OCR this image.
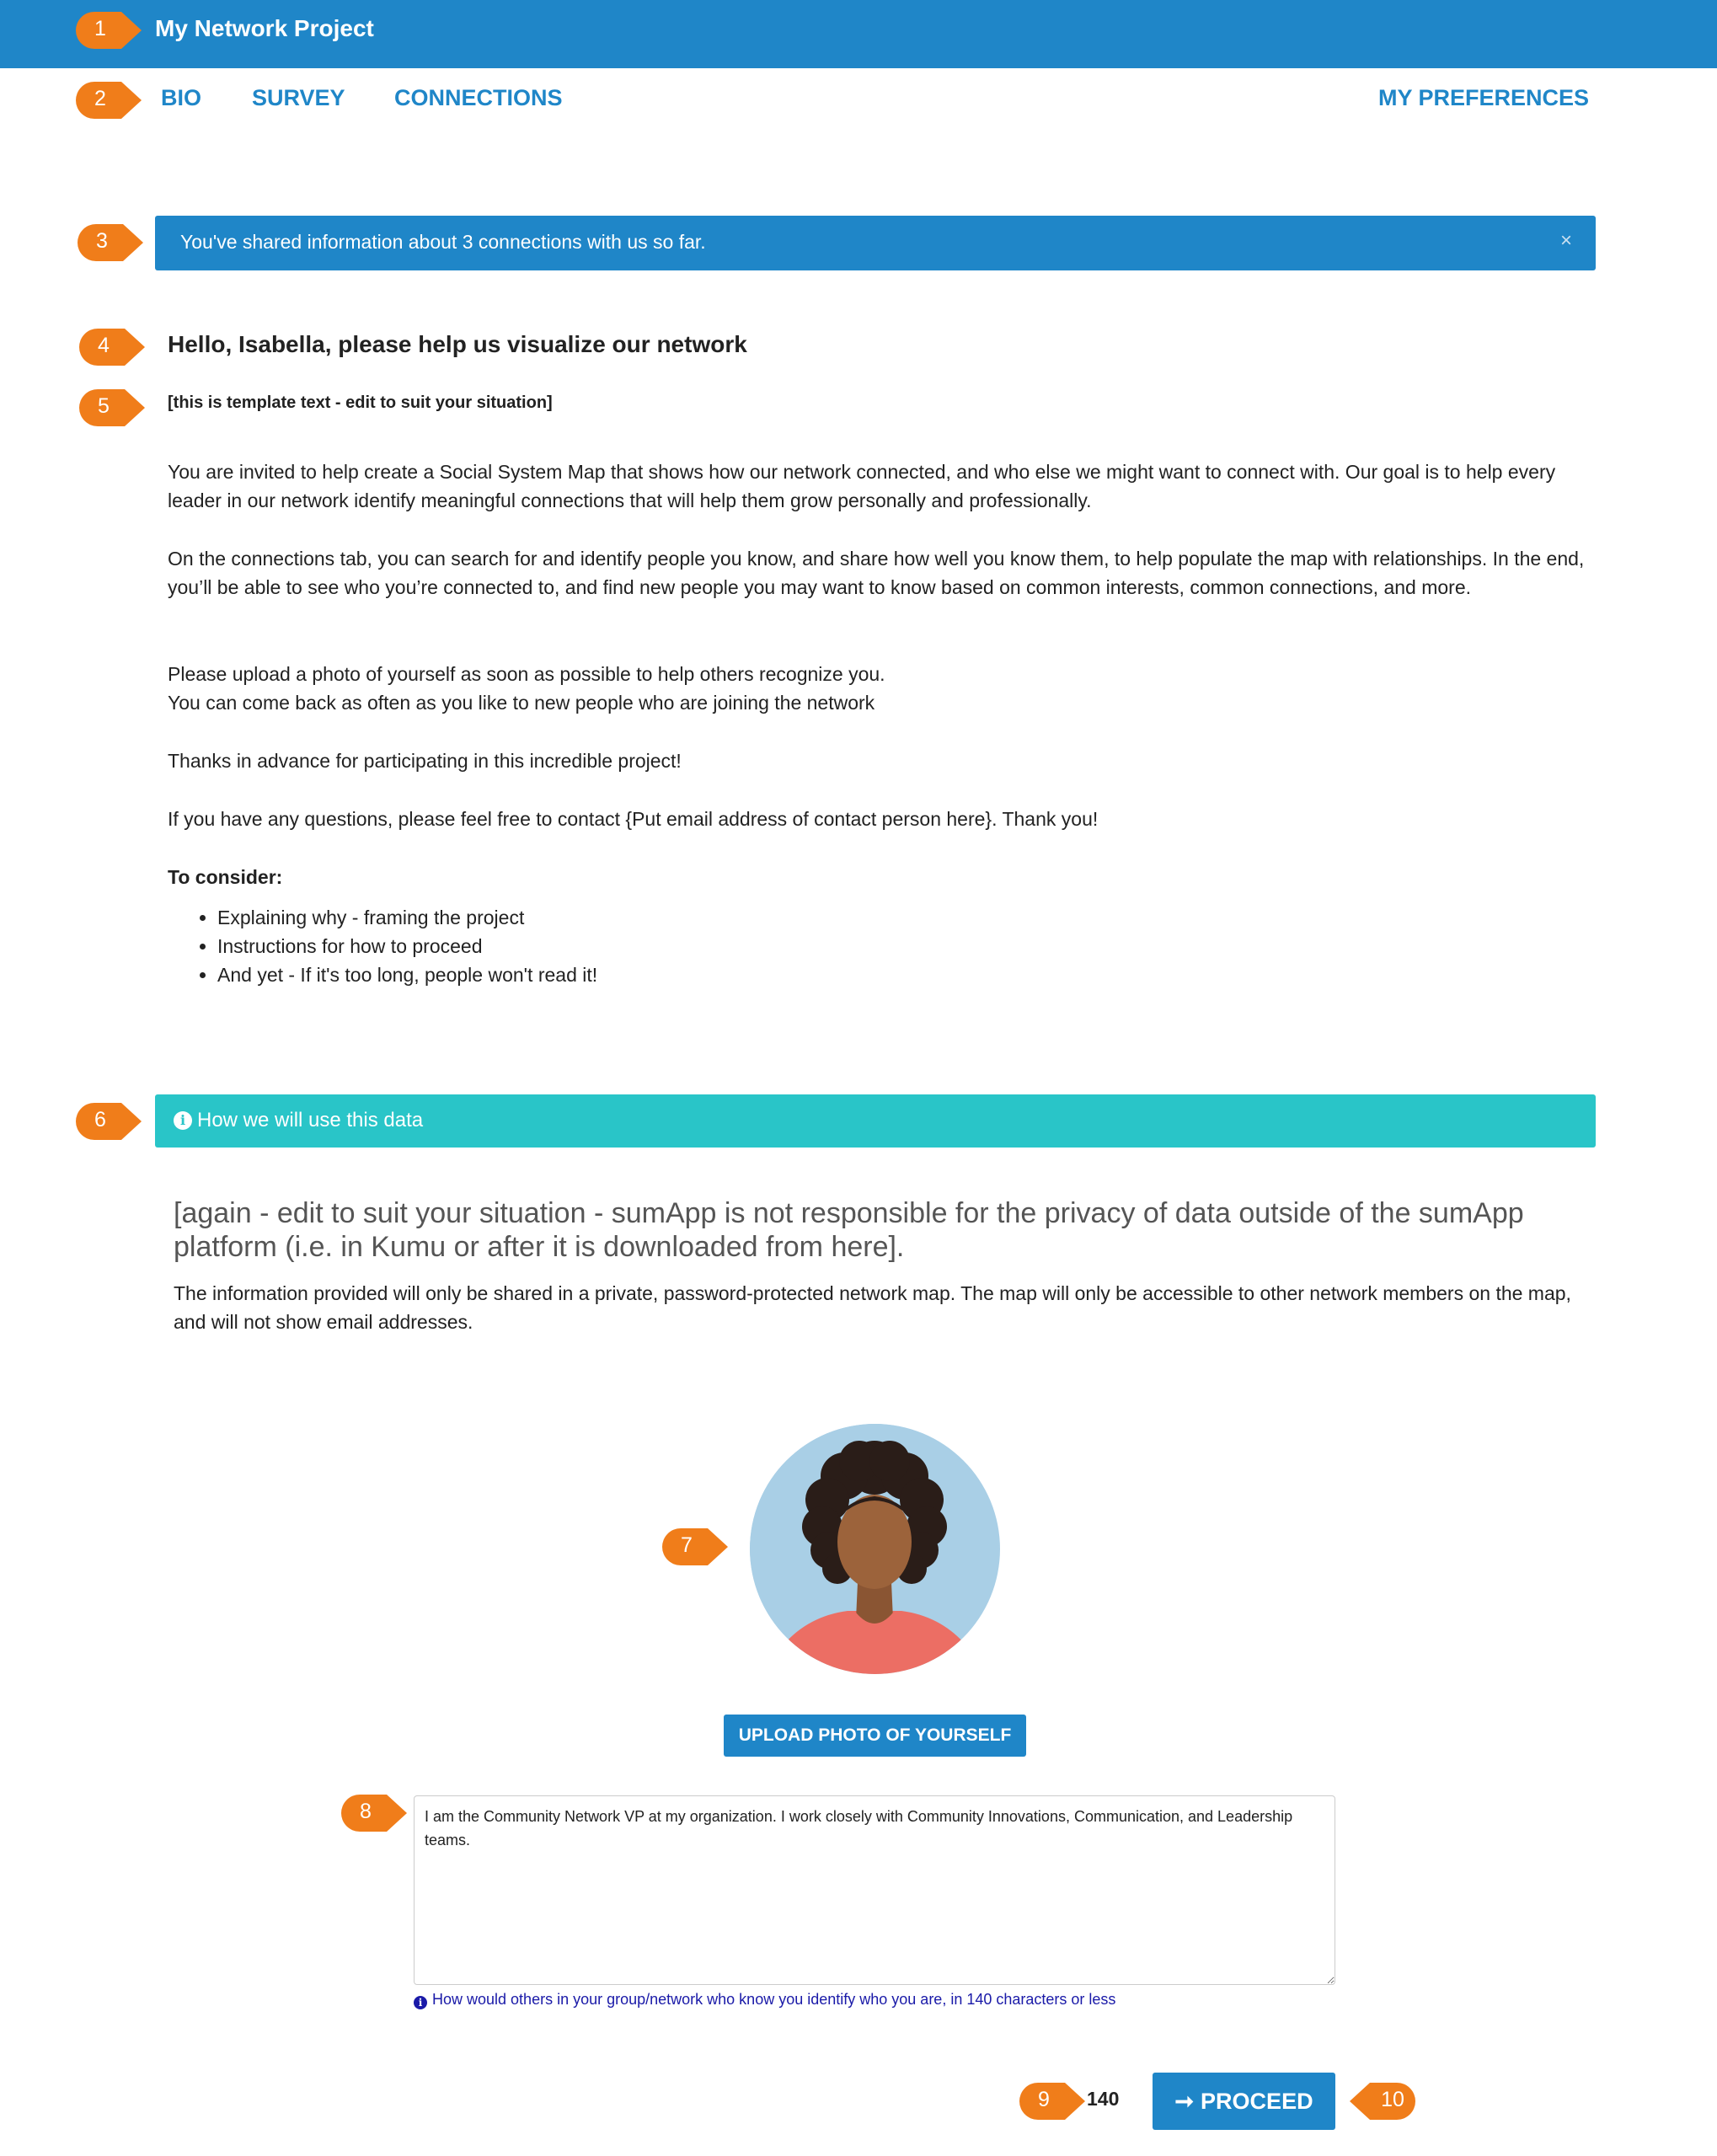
My Network Project
BIO SURVEY CONNECTIONS	MY PREFERENCES
You've shared information about 3 connections with us so far.	×
Hello, Isabella, please help us visualize our network
[this is template text - edit to suit your situation]

You are invited to help create a Social System Map that shows how our network connected, and who else we might want to connect with. Our goal is to help every leader in our network identify meaningful connections that will help them grow personally and professionally.

On the connections tab, you can search for and identify people you know, and share how well you know them, to help populate the map with relationships. In the end, you’ll be able to see who you’re connected to, and find new people you may want to know based on common interests, common connections, and more.

Please upload a photo of yourself as soon as possible to help others recognize you.

You can come back as often as you like to new people who are joining the network

Thanks in advance for participating in this incredible project!

If you have any questions, please feel free to contact {Put email address of contact person here}. Thank you!

To consider:
• Explaining why - framing the project
• Instructions for how to proceed
• And yet - If it's too long, people won't read it!
i How we will use this data

[again - edit to suit your situation - sumApp is not responsible for the privacy of data outside of the sumApp platform (i.e. in Kumu or after it is downloaded from here].

The information provided will only be shared in a private, password-protected network map. The map will only be accessible to other network members on the map, and will not show email addresses.

UPLOAD PHOTO OF YOURSELF
I am the Community Network VP at my organization. I work closely with Community Innovations, Communication, and Leadership teams.
i How would others in your group/network who know you identify who you are, in 140 characters or less
140	➞ PROCEED
1
2
3
4
5
6
7
8
9	10
